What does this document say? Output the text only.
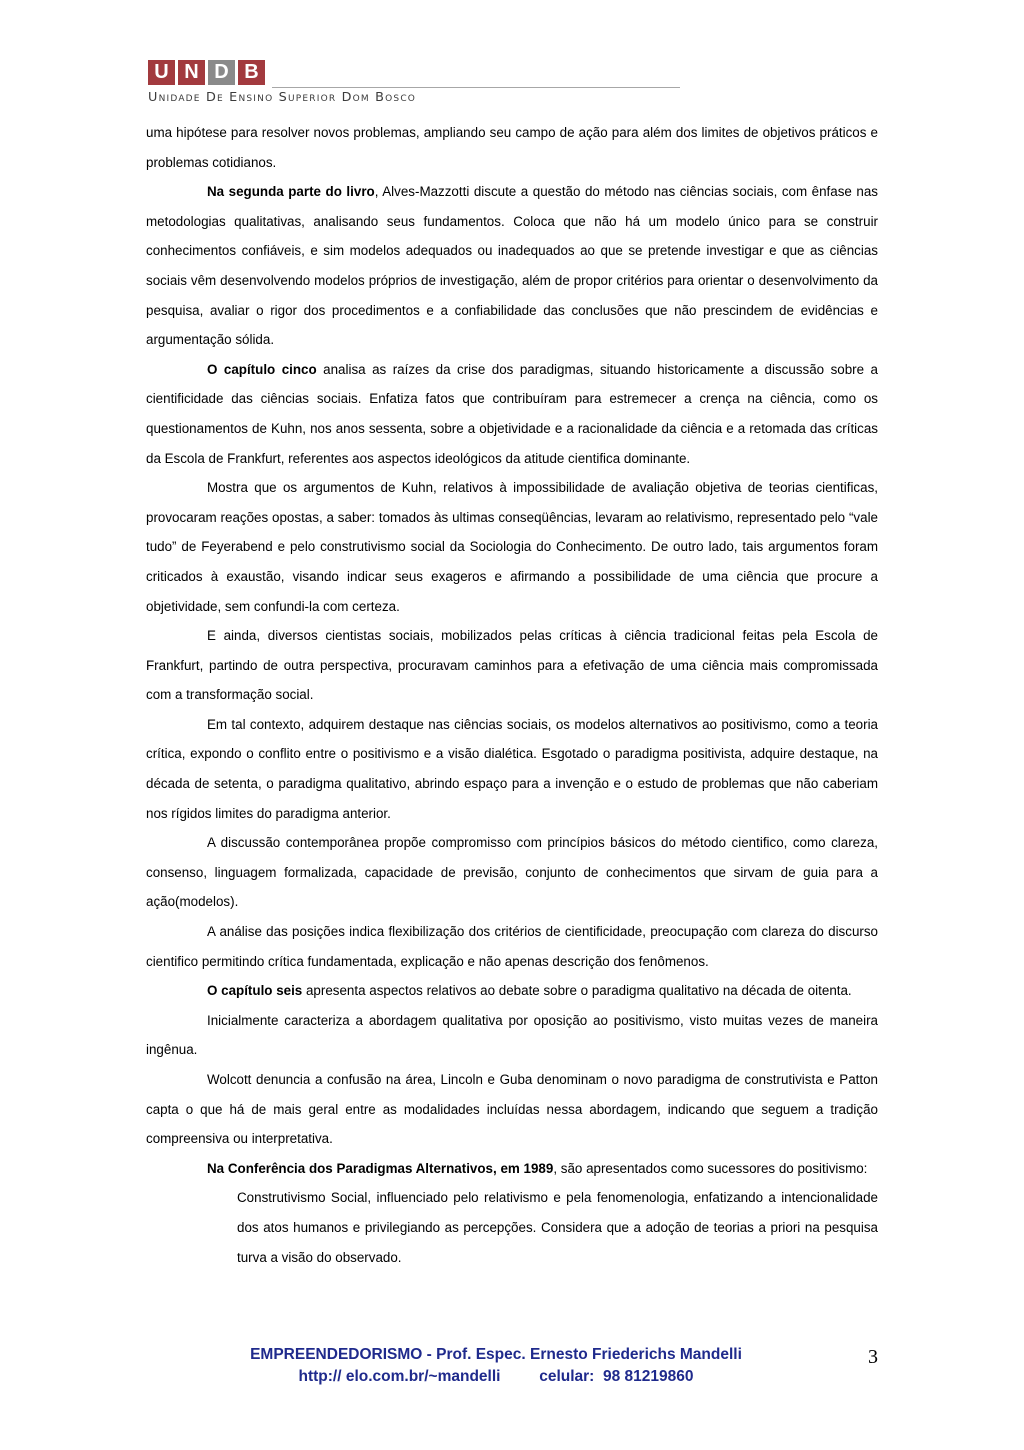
U N D B
Unidade De Ensino Superior Dom Bosco

uma hipótese para resolver novos problemas, ampliando seu campo de ação para além dos limites de objetivos práticos e problemas cotidianos.

Na segunda parte do livro, Alves-Mazzotti discute a questão do método nas ciências sociais, com ênfase nas metodologias qualitativas, analisando seus fundamentos. Coloca que não há um modelo único para se construir conhecimentos confiáveis, e sim modelos adequados ou inadequados ao que se pretende investigar e que as ciências sociais vêm desenvolvendo modelos próprios de investigação, além de propor critérios para orientar o desenvolvimento da pesquisa, avaliar o rigor dos procedimentos e a confiabilidade das conclusões que não prescindem de evidências e argumentação sólida.

O capítulo cinco analisa as raízes da crise dos paradigmas, situando historicamente a discussão sobre a cientificidade das ciências sociais. Enfatiza fatos que contribuíram para estremecer a crença na ciência, como os questionamentos de Kuhn, nos anos sessenta, sobre a objetividade e a racionalidade da ciência e a retomada das críticas da Escola de Frankfurt, referentes aos aspectos ideológicos da atitude cientifica dominante.

Mostra que os argumentos de Kuhn, relativos à impossibilidade de avaliação objetiva de teorias cientificas, provocaram reações opostas, a saber: tomados às ultimas conseqüências, levaram ao relativismo, representado pelo “vale tudo” de Feyerabend e pelo construtivismo social da Sociologia do Conhecimento. De outro lado, tais argumentos foram criticados à exaustão, visando indicar seus exageros e afirmando a possibilidade de uma ciência que procure a objetividade, sem confundi-la com certeza.

E ainda, diversos cientistas sociais, mobilizados pelas críticas à ciência tradicional feitas pela Escola de Frankfurt, partindo de outra perspectiva, procuravam caminhos para a efetivação de uma ciência mais compromissada com a transformação social.

Em tal contexto, adquirem destaque nas ciências sociais, os modelos alternativos ao positivismo, como a teoria crítica, expondo o conflito entre o positivismo e a visão dialética. Esgotado o paradigma positivista, adquire destaque, na década de setenta, o paradigma qualitativo, abrindo espaço para a invenção e o estudo de problemas que não caberiam nos rígidos limites do paradigma anterior.

A discussão contemporânea propõe compromisso com princípios básicos do método cientifico, como clareza, consenso, linguagem formalizada, capacidade de previsão, conjunto de conhecimentos que sirvam de guia para a ação(modelos).

A análise das posições indica flexibilização dos critérios de cientificidade, preocupação com clareza do discurso cientifico permitindo crítica fundamentada, explicação e não apenas descrição dos fenômenos.

O capítulo seis apresenta aspectos relativos ao debate sobre o paradigma qualitativo na década de oitenta.

Inicialmente caracteriza a abordagem qualitativa por oposição ao positivismo, visto muitas vezes de maneira ingênua.

Wolcott denuncia a confusão na área, Lincoln e Guba denominam o novo paradigma de construtivista e Patton capta o que há de mais geral entre as modalidades incluídas nessa abordagem, indicando que seguem a tradição compreensiva ou interpretativa.

Na Conferência dos Paradigmas Alternativos, em 1989, são apresentados como sucessores do positivismo:

Construtivismo Social, influenciado pelo relativismo e pela fenomenologia, enfatizando a intencionalidade dos atos humanos e privilegiando as percepções. Considera que a adoção de teorias a priori na pesquisa turva a visão do observado.

EMPREENDEDORISMO - Prof. Espec. Ernesto Friederichs Mandelli
http:// elo.com.br/~mandelli         celular:  98 81219860
3
